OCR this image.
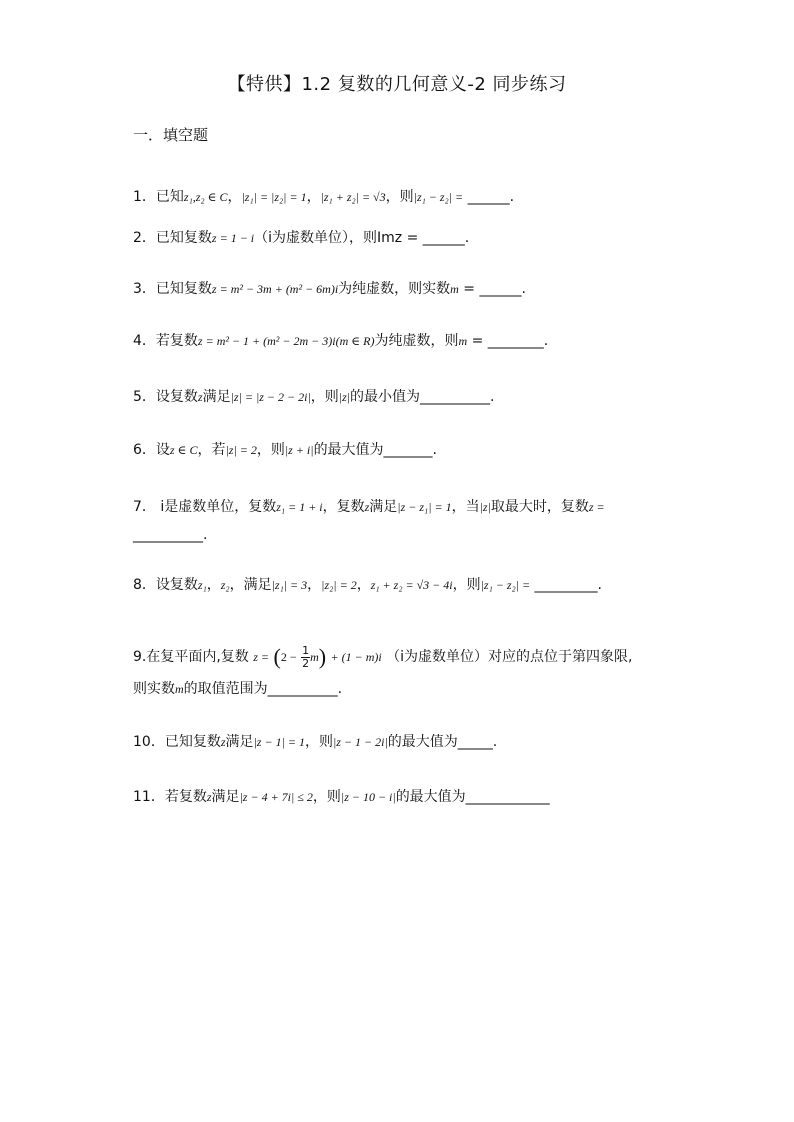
【特供】1.2 复数的几何意义-2 同步练习
一．填空题
1．已知z₁,z₂ ∈ C，|z₁| = |z₂| = 1，|z₁ + z₂| = √3，则|z₁ − z₂| = ______.
2．已知复数z = 1 − i（i为虚数单位），则Imz = ______.
3．已知复数z = m² − 3m + (m² − 6m)i为纯虚数，则实数m = ______.
4．若复数z = m² − 1 + (m² − 2m − 3)i(m ∈ R)为纯虚数，则m = ________.
5．设复数z满足|z| = |z − 2 − 2i|，则|z|的最小值为__________.
6．设z ∈ C，若|z| = 2，则|z + i|的最大值为_______.
7． i是虚数单位，复数z₁ = 1 + i，复数z满足|z − z₁| = 1，当|z|取最大时，复数z =
__________.
8．设复数z₁，z₂，满足|z₁| = 3，|z₂| = 2，z₁ + z₂ = √3 − 4i，则|z₁ − z₂| = _________.
9.在复平面内,复数 $z = (2 - \frac{1}{2} m) + (1 - m)i$ （i为虚数单位）对应的点位于第四象限,
则实数m的取值范围为__________.
10．已知复数z满足|z − 1| = 1，则|z − 1 − 2i|的最大值为_____.
11．若复数z满足|z − 4 + 7i| ≤ 2，则|z − 10 − i|的最大值为____________
